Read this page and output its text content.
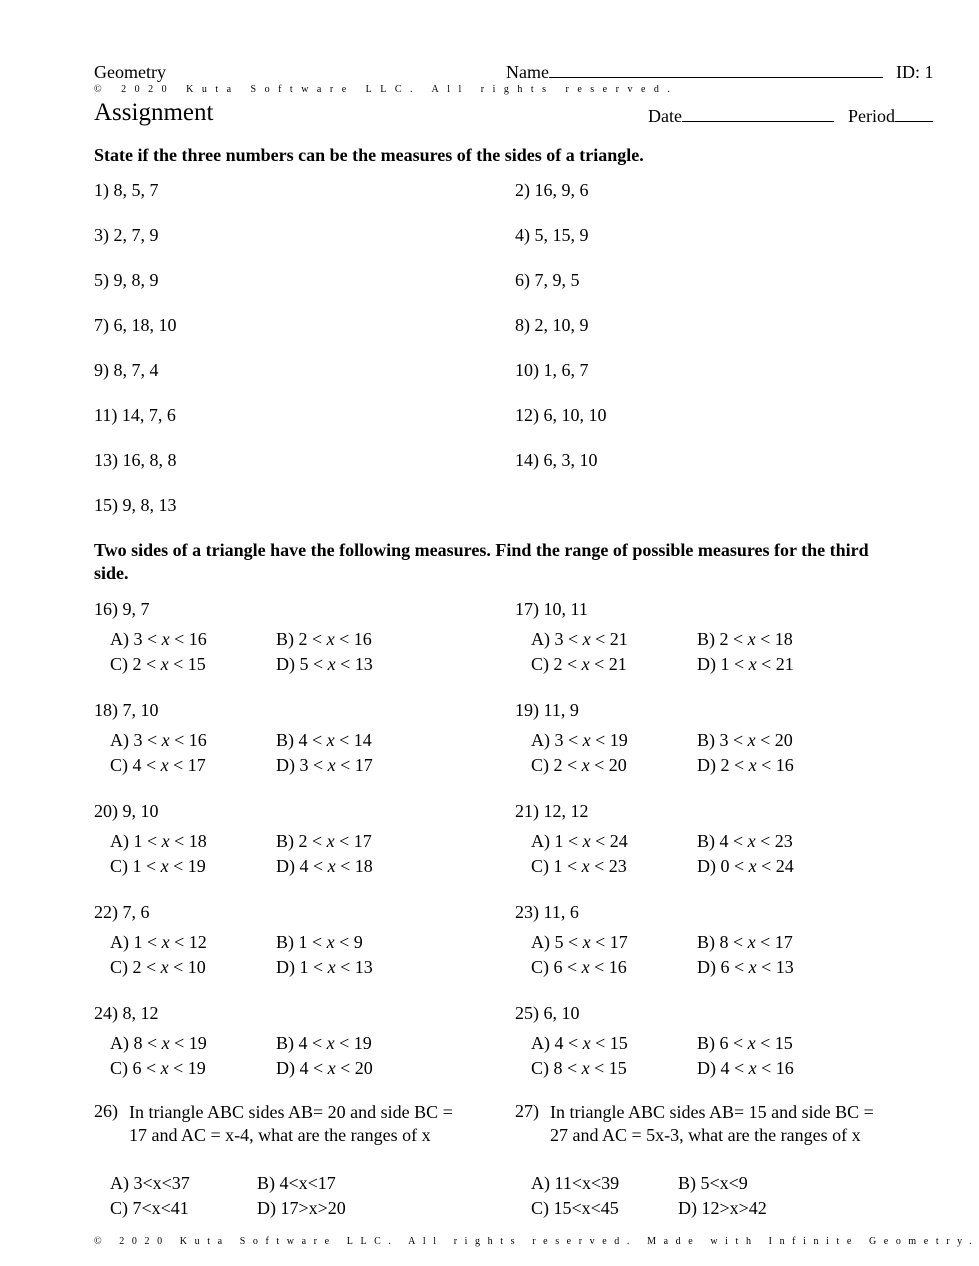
Geometry	Name	ID: 1
© 2020 Kuta Software LLC. All rights reserved.
Assignment	Date	Period
State if the three numbers can be the measures of the sides of a triangle.
1) 8, 5, 7	2) 16, 9, 6
3) 2, 7, 9	4) 5, 15, 9
5) 9, 8, 9	6) 7, 9, 5
7) 6, 18, 10	8) 2, 10, 9
9) 8, 7, 4	10) 1, 6, 7
11) 14, 7, 6	12) 6, 10, 10
13) 16, 8, 8	14) 6, 3, 10
15) 9, 8, 13
Two sides of a triangle have the following measures. Find the range of possible measures for the third side.
16) 9, 7
A) 3 < x < 16	B) 2 < x < 16
C) 2 < x < 15	D) 5 < x < 13
17) 10, 11
A) 3 < x < 21	B) 2 < x < 18
C) 2 < x < 21	D) 1 < x < 21
18) 7, 10
A) 3 < x < 16	B) 4 < x < 14
C) 4 < x < 17	D) 3 < x < 17
19) 11, 9
A) 3 < x < 19	B) 3 < x < 20
C) 2 < x < 20	D) 2 < x < 16
20) 9, 10
A) 1 < x < 18	B) 2 < x < 17
C) 1 < x < 19	D) 4 < x < 18
21) 12, 12
A) 1 < x < 24	B) 4 < x < 23
C) 1 < x < 23	D) 0 < x < 24
22) 7, 6
A) 1 < x < 12	B) 1 < x < 9
C) 2 < x < 10	D) 1 < x < 13
23) 11, 6
A) 5 < x < 17	B) 8 < x < 17
C) 6 < x < 16	D) 6 < x < 13
24) 8, 12
A) 8 < x < 19	B) 4 < x < 19
C) 6 < x < 19	D) 4 < x < 20
25) 6, 10
A) 4 < x < 15	B) 6 < x < 15
C) 8 < x < 15	D) 4 < x < 16
26) In triangle ABC sides AB= 20 and side BC = 17 and AC = x-4, what are the ranges of x
A) 3<x<37	B) 4<x<17
C) 7<x<41	D) 17>x>20
27) In triangle ABC sides AB= 15 and side BC = 27 and AC = 5x-3, what are the ranges of x
A) 11<x<39	B) 5<x<9
C) 15<x<45	D) 12>x>42
© 2020 Kuta Software LLC. All rights reserved. Made with Infinite Geometry.
